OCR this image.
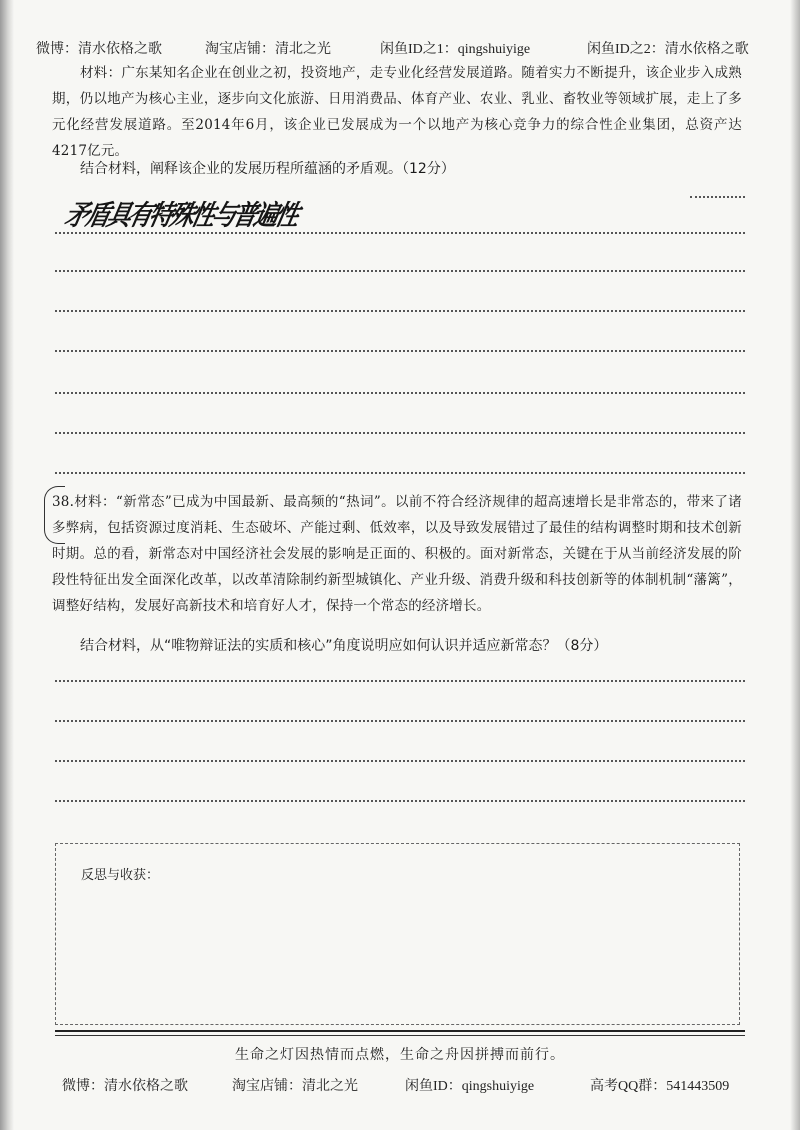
微博：清水依格之歌	淘宝店铺：清北之光	闲鱼ID之1：qingshuiyige	闲鱼ID之2：清水依格之歌
材料：广东某知名企业在创业之初，投资地产，走专业化经营发展道路。随着实力不断提升，该企业步入成熟期，仍以地产为核心主业，逐步向文化旅游、日用消费品、体育产业、农业、乳业、畜牧业等领域扩展，走上了多元化经营发展道路。至2014年6月，该企业已发展成为一个以地产为核心竞争力的综合性企业集团，总资产达4217亿元。
结合材料，阐释该企业的发展历程所蕴涵的矛盾观。（12分）
矛盾具有特殊性与普遍性
38.材料：“新常态”已成为中国最新、最高频的“热词”。以前不符合经济规律的超高速增长是非常态的，带来了诸多弊病，包括资源过度消耗、生态破坏、产能过剩、低效率，以及导致发展错过了最佳的结构调整时期和技术创新时期。总的看，新常态对中国经济社会发展的影响是正面的、积极的。面对新常态，关键在于从当前经济发展的阶段性特征出发全面深化改革，以改革清除制约新型城镇化、产业升级、消费升级和科技创新等的体制机制“藩篱”，调整好结构，发展好高新技术和培育好人才，保持一个常态的经济增长。
结合材料，从“唯物辩证法的实质和核心”角度说明应如何认识并适应新常态？（8分）
反思与收获：
生命之灯因热情而点燃，生命之舟因拼搏而前行。
微博：清水依格之歌	淘宝店铺：清北之光	闲鱼ID：qingshuiyige	高考QQ群：541443509
